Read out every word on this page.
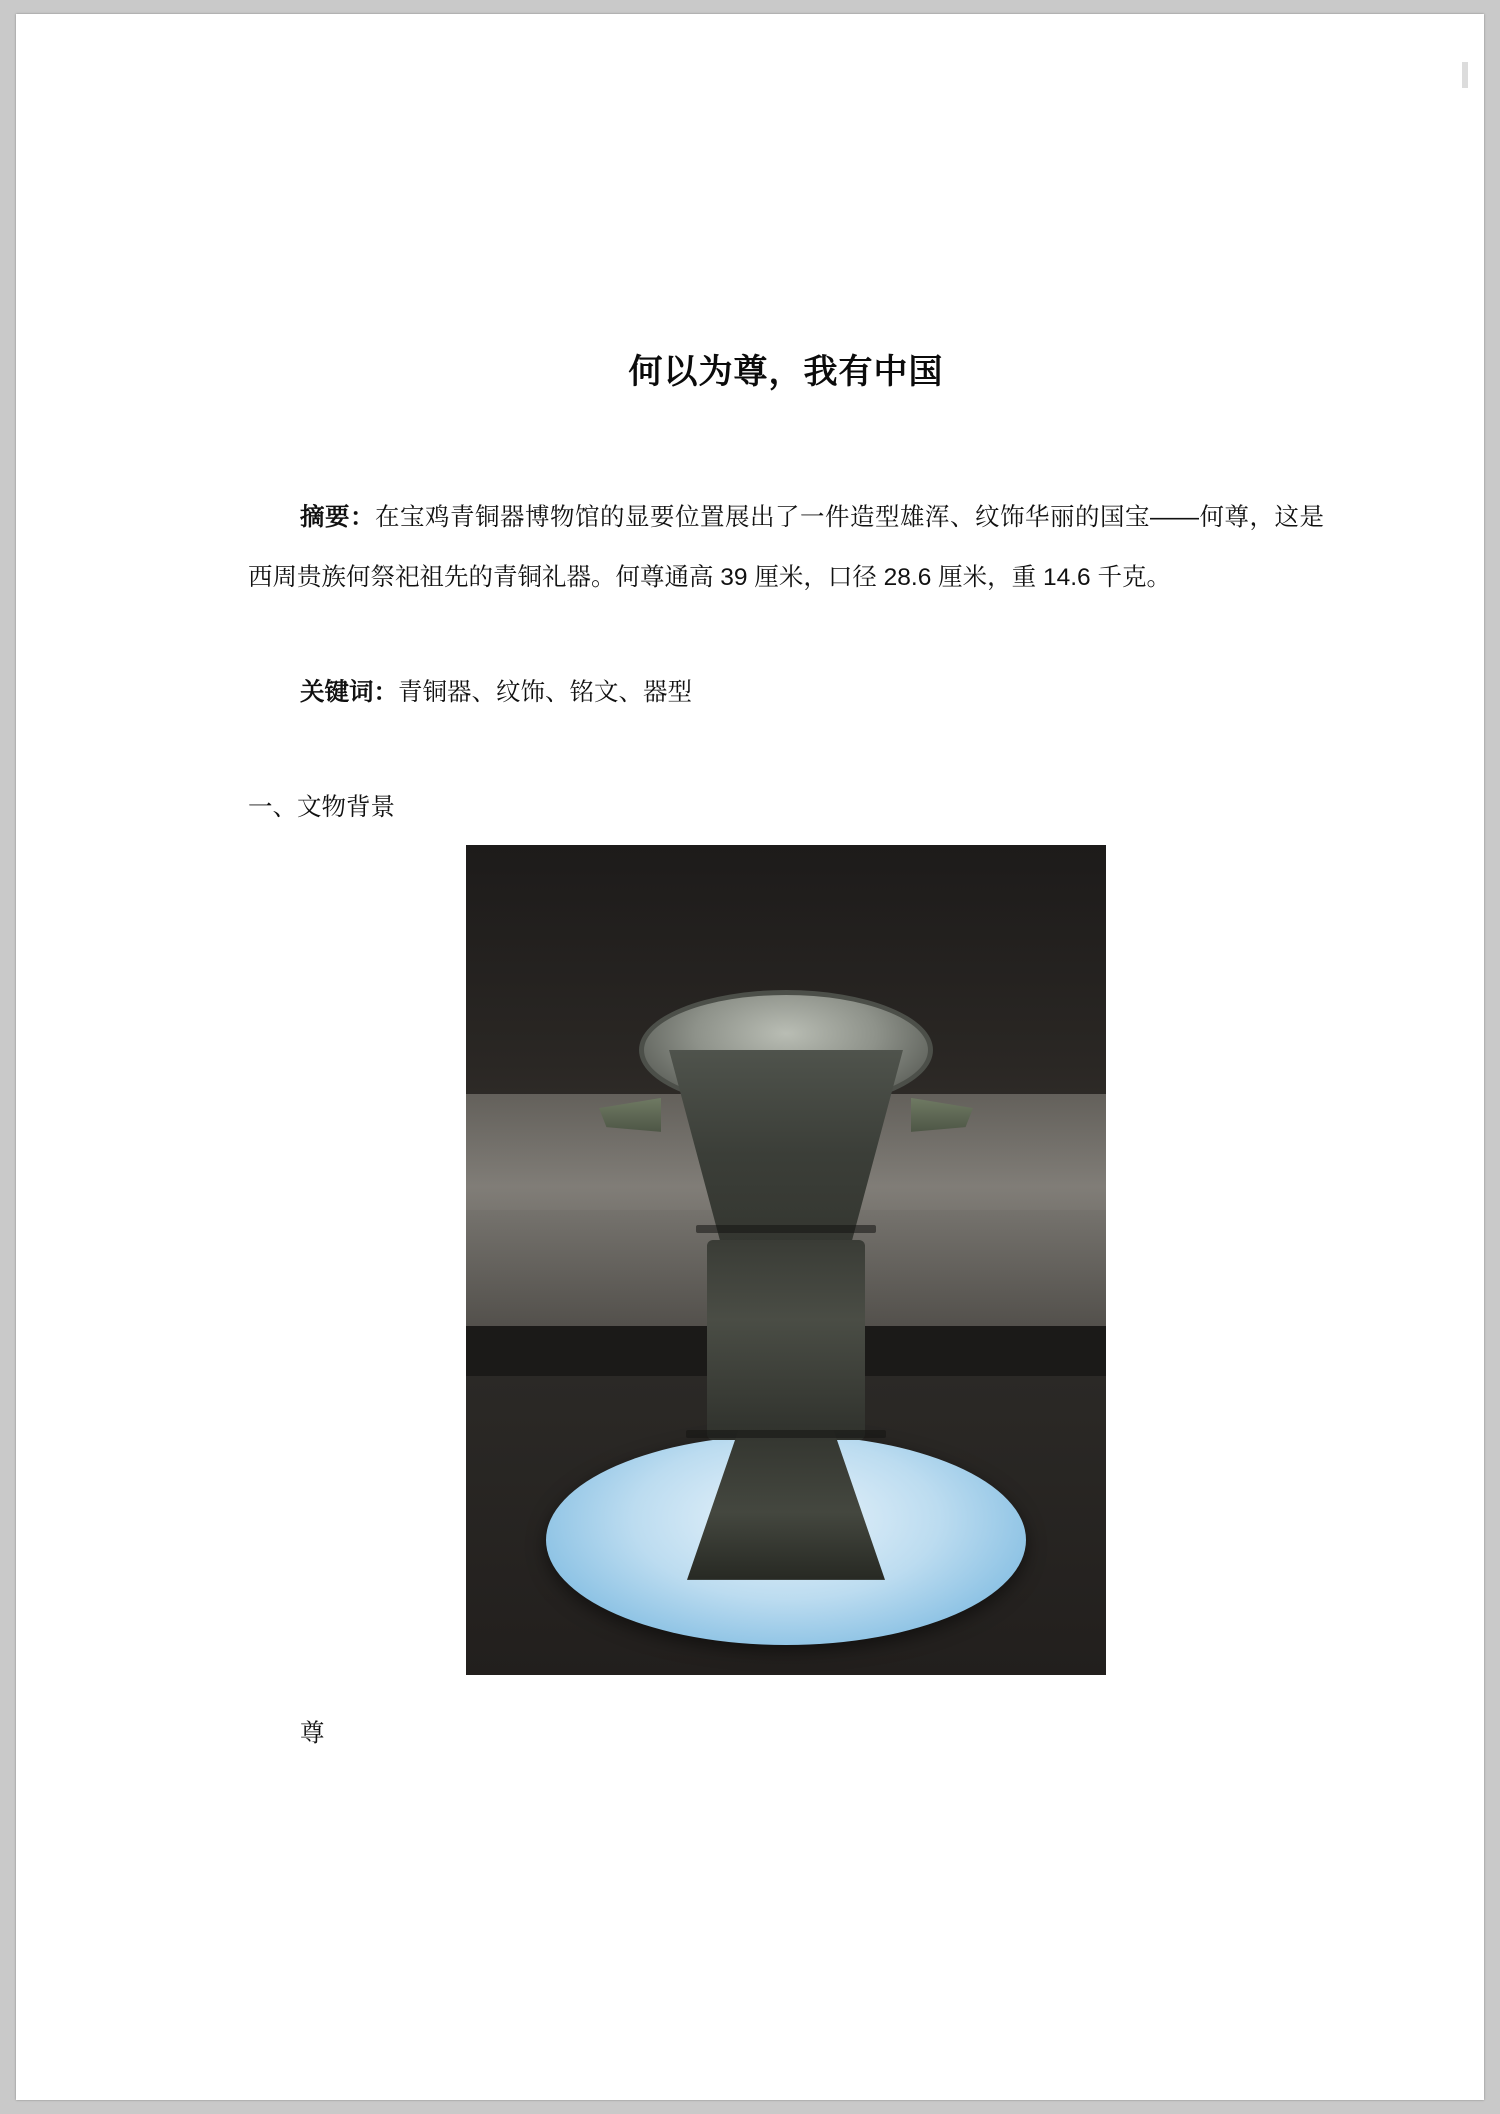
何以为尊，我有中国
摘要：在宝鸡青铜器博物馆的显要位置展出了一件造型雄浑、纹饰华丽的国宝——何尊，这是西周贵族何祭祀祖先的青铜礼器。何尊通高 39 厘米，口径 28.6 厘米，重 14.6 千克。
关键词：青铜器、纹饰、铭文、器型
一、文物背景
尊
